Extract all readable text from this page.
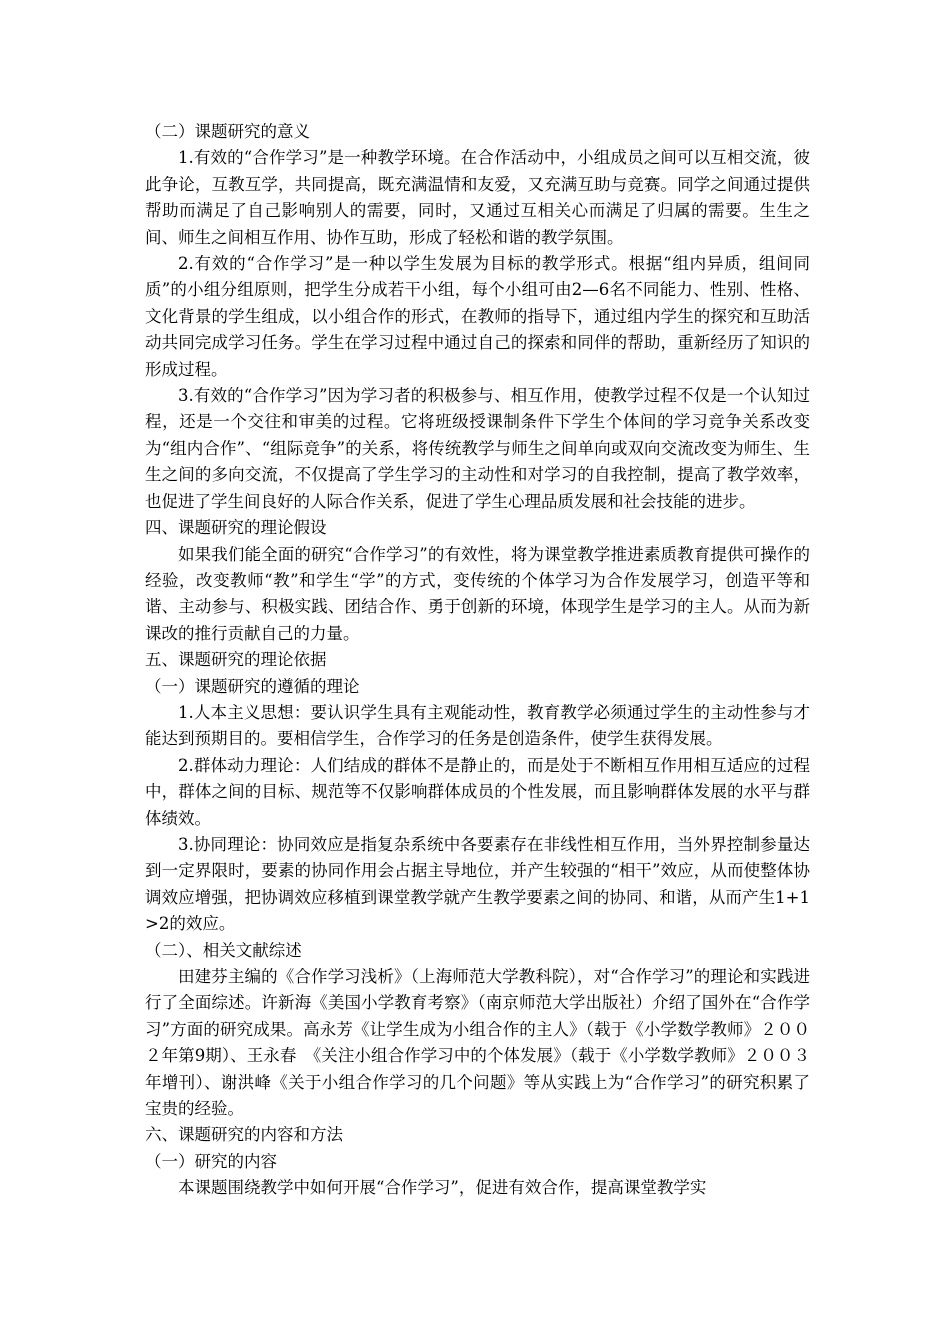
（二）课题研究的意义

1.有效的“合作学习”是一种教学环境。在合作活动中，小组成员之间可以互相交流，彼此争论，互教互学，共同提高，既充满温情和友爱，又充满互助与竞赛。同学之间通过提供帮助而满足了自己影响别人的需要，同时，又通过互相关心而满足了归属的需要。生生之间、师生之间相互作用、协作互助，形成了轻松和谐的教学氛围。

2.有效的“合作学习”是一种以学生发展为目标的教学形式。根据“组内异质，组间同质”的小组分组原则，把学生分成若干小组，每个小组可由2—6名不同能力、性别、性格、文化背景的学生组成，以小组合作的形式，在教师的指导下，通过组内学生的探究和互助活动共同完成学习任务。学生在学习过程中通过自己的探索和同伴的帮助，重新经历了知识的形成过程。

3.有效的“合作学习”因为学习者的积极参与、相互作用，使教学过程不仅是一个认知过程，还是一个交往和审美的过程。它将班级授课制条件下学生个体间的学习竞争关系改变为“组内合作”、“组际竞争”的关系，将传统教学与师生之间单向或双向交流改变为师生、生生之间的多向交流，不仅提高了学生学习的主动性和对学习的自我控制，提高了教学效率，也促进了学生间良好的人际合作关系，促进了学生心理品质发展和社会技能的进步。

四、课题研究的理论假设

如果我们能全面的研究“合作学习”的有效性，将为课堂教学推进素质教育提供可操作的经验，改变教师“教”和学生“学”的方式，变传统的个体学习为合作发展学习，创造平等和谐、主动参与、积极实践、团结合作、勇于创新的环境，体现学生是学习的主人。从而为新课改的推行贡献自己的力量。

五、课题研究的理论依据

（一）课题研究的遵循的理论

1.人本主义思想：要认识学生具有主观能动性，教育教学必须通过学生的主动性参与才能达到预期目的。要相信学生，合作学习的任务是创造条件，使学生获得发展。

2.群体动力理论：人们结成的群体不是静止的，而是处于不断相互作用相互适应的过程中，群体之间的目标、规范等不仅影响群体成员的个性发展，而且影响群体发展的水平与群体绩效。

3.协同理论：协同效应是指复杂系统中各要素存在非线性相互作用，当外界控制参量达到一定界限时，要素的协同作用会占据主导地位，并产生较强的“相干”效应，从而使整体协调效应增强，把协调效应移植到课堂教学就产生教学要素之间的协同、和谐，从而产生1+1>2的效应。

（二）、相关文献综述

田建芬主编的《合作学习浅析》（上海师范大学教科院），对“合作学习”的理论和实践进行了全面综述。许新海《美国小学教育考察》（南京师范大学出版社）介绍了国外在“合作学习”方面的研究成果。高永芳《让学生成为小组合作的主人》（载于《小学数学教师》２００２年第9期）、王永春　《关注小组合作学习中的个体发展》（载于《小学数学教师》２００３年增刊）、谢洪峰《关于小组合作学习的几个问题》等从实践上为“合作学习”的研究积累了宝贵的经验。

六、课题研究的内容和方法

（一）研究的内容

本课题围绕教学中如何开展“合作学习”，促进有效合作，提高课堂教学实
